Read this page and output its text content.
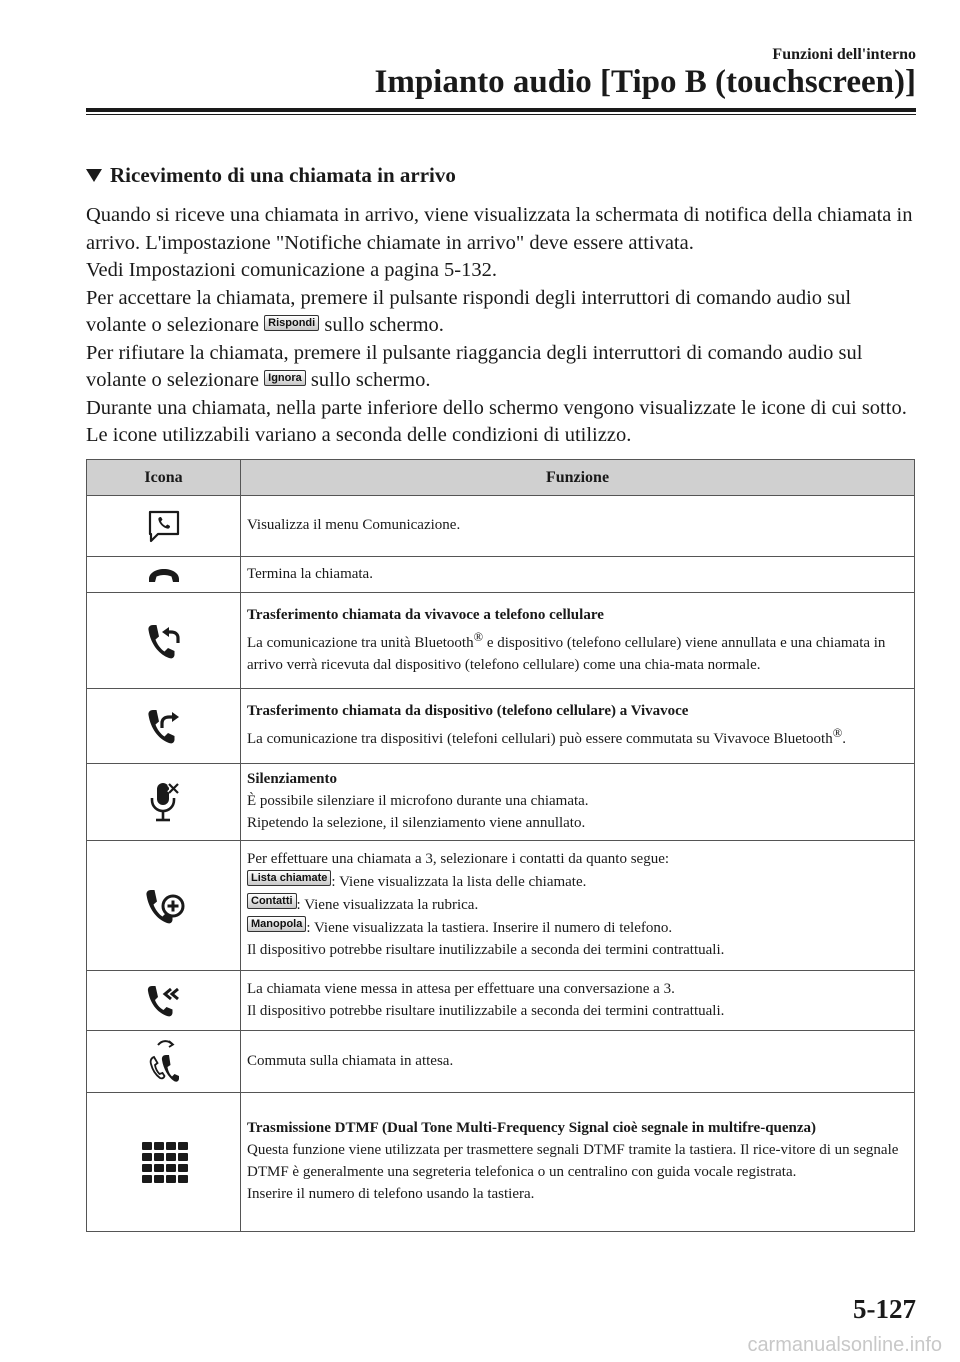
Funzioni dell'interno
Impianto audio [Tipo B (touchscreen)]
Ricevimento di una chiamata in arrivo

Quando si riceve una chiamata in arrivo, viene visualizzata la schermata di notifica della chiamata in arrivo. L'impostazione "Notifiche chiamate in arrivo" deve essere attivata.

Vedi Impostazioni comunicazione a pagina 5-132.

Per accettare la chiamata, premere il pulsante rispondi degli interruttori di comando audio sul volante o selezionare Rispondi sullo schermo.

Per rifiutare la chiamata, premere il pulsante riaggancia degli interruttori di comando audio sul volante o selezionare Ignora sullo schermo.

Durante una chiamata, nella parte inferiore dello schermo vengono visualizzate le icone di cui sotto. Le icone utilizzabili variano a seconda delle condizioni di utilizzo.

Icona	Funzione

	Visualizza il menu Comunicazione.

	Termina la chiamata.

Trasferimento chiamata da vivavoce a telefono cellulare
La comunicazione tra unità Bluetooth® e dispositivo (telefono cellulare) viene annullata e una chiamata in arrivo verrà ricevuta dal dispositivo (telefono cellulare) come una chia-mata normale.

Trasferimento chiamata da dispositivo (telefono cellulare) a Vivavoce
La comunicazione tra dispositivi (telefoni cellulari) può essere commutata su Vivavoce Bluetooth®.

Silenziamento
È possibile silenziare il microfono durante una chiamata.
Ripetendo la selezione, il silenziamento viene annullato.

Per effettuare una chiamata a 3, selezionare i contatti da quanto segue:
Lista chiamate : Viene visualizzata la lista delle chiamate.
Contatti : Viene visualizzata la rubrica.
Manopola : Viene visualizzata la tastiera. Inserire il numero di telefono.
Il dispositivo potrebbe risultare inutilizzabile a seconda dei termini contrattuali.

La chiamata viene messa in attesa per effettuare una conversazione a 3.
Il dispositivo potrebbe risultare inutilizzabile a seconda dei termini contrattuali.

	Commuta sulla chiamata in attesa.

Trasmissione DTMF (Dual Tone Multi-Frequency Signal cioè segnale in multifre-quenza)
Questa funzione viene utilizzata per trasmettere segnali DTMF tramite la tastiera. Il rice-vitore di un segnale DTMF è generalmente una segreteria telefonica o un centralino con guida vocale registrata.
Inserire il numero di telefono usando la tastiera.
5-127
carmanualsonline.info
